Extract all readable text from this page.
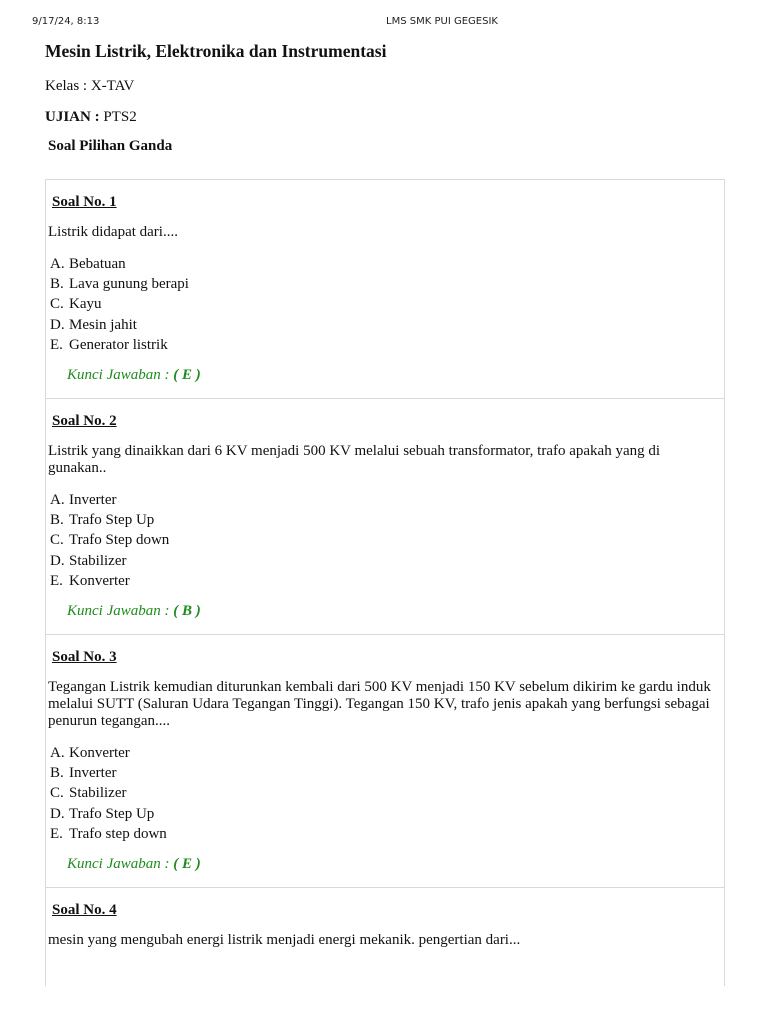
9/17/24, 8:13	LMS SMK PUI GEGESIK
Mesin Listrik, Elektronika dan Instrumentasi
Kelas : X-TAV
UJIAN : PTS2
Soal Pilihan Ganda

Soal No. 1

Listrik didapat dari....

A. Bebatuan
B. Lava gunung berapi
C. Kayu
D. Mesin jahit
E. Generator listrik

Kunci Jawaban : ( E )

Soal No. 2

Listrik yang dinaikkan dari 6 KV menjadi 500 KV melalui sebuah transformator, trafo apakah yang di gunakan..

A. Inverter
B. Trafo Step Up
C. Trafo Step down
D. Stabilizer
E. Konverter

Kunci Jawaban : ( B )

Soal No. 3

Tegangan Listrik kemudian diturunkan kembali dari 500 KV menjadi 150 KV sebelum dikirim ke gardu induk melalui SUTT (Saluran Udara Tegangan Tinggi). Tegangan 150 KV, trafo jenis apakah yang berfungsi sebagai penurun tegangan....

A. Konverter
B. Inverter
C. Stabilizer
D. Trafo Step Up
E. Trafo step down

Kunci Jawaban : ( E )

Soal No. 4

mesin yang mengubah energi listrik menjadi energi mekanik. pengertian dari...
